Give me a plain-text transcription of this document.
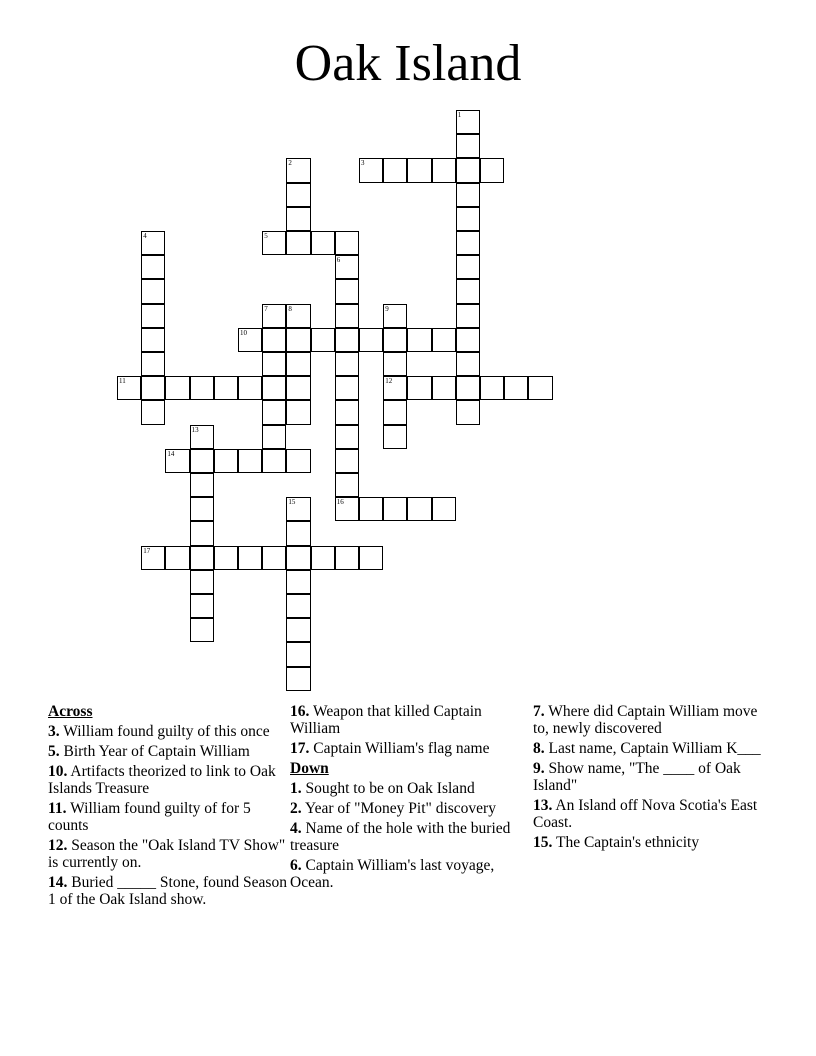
Oak Island
1
2	3
4	5
6
7	8	9
12
10
11
13
14
15	16
17
Across
3. William found guilty of this once
5. Birth Year of Captain William
10. Artifacts theorized to link to Oak Islands Treasure
11. William found guilty of for 5 counts
12. Season the "Oak Island TV Show" is currently on.
14. Buried _____ Stone, found Season 1 of the Oak Island show.
16. Weapon that killed Captain William
17. Captain William's flag name
Down
1. Sought to be on Oak Island
2. Year of "Money Pit" discovery
4. Name of the hole with the buried treasure
6. Captain William's last voyage, Ocean.
7. Where did Captain William move to, newly discovered
8. Last name, Captain William K___
9. Show name, "The ____ of Oak Island"
13. An Island off Nova Scotia's East Coast.
15. The Captain's ethnicity
